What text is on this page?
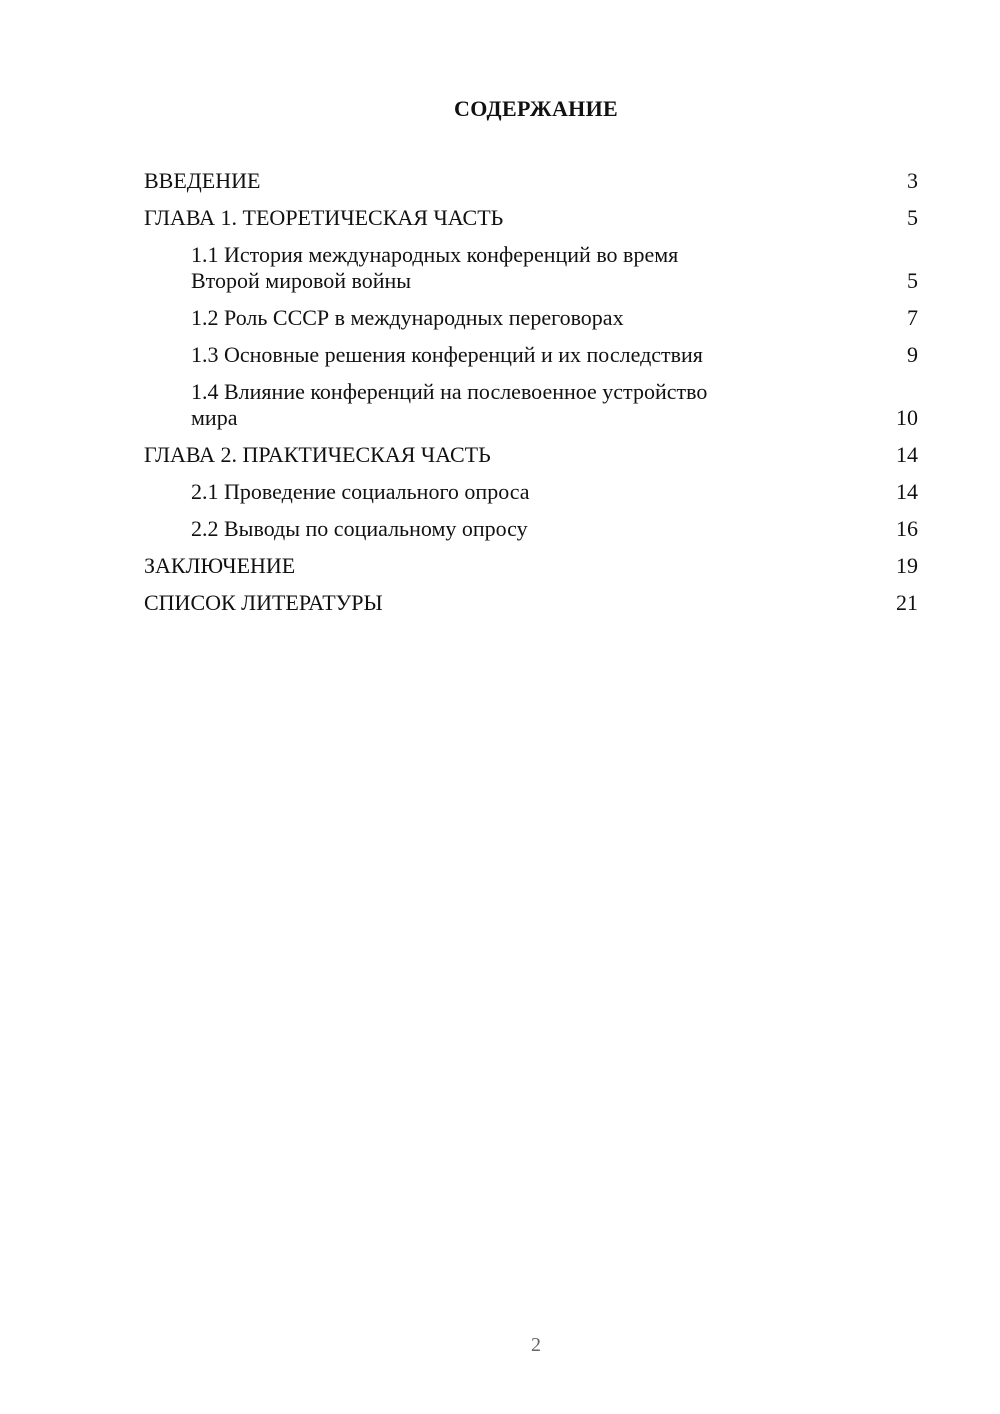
СОДЕРЖАНИЕ
ВВЕДЕНИЕ	3
ГЛАВА 1. ТЕОРЕТИЧЕСКАЯ ЧАСТЬ	5
1.1 История международных конференций во время Второй мировой войны	5
1.2 Роль СССР в международных переговорах	7
1.3 Основные решения конференций и их последствия	9
1.4 Влияние конференций на послевоенное устройство мира	10
ГЛАВА 2. ПРАКТИЧЕСКАЯ ЧАСТЬ	14
2.1 Проведение социального опроса	14
2.2 Выводы по социальному опросу	16
ЗАКЛЮЧЕНИЕ	19
СПИСОК ЛИТЕРАТУРЫ	21
2
